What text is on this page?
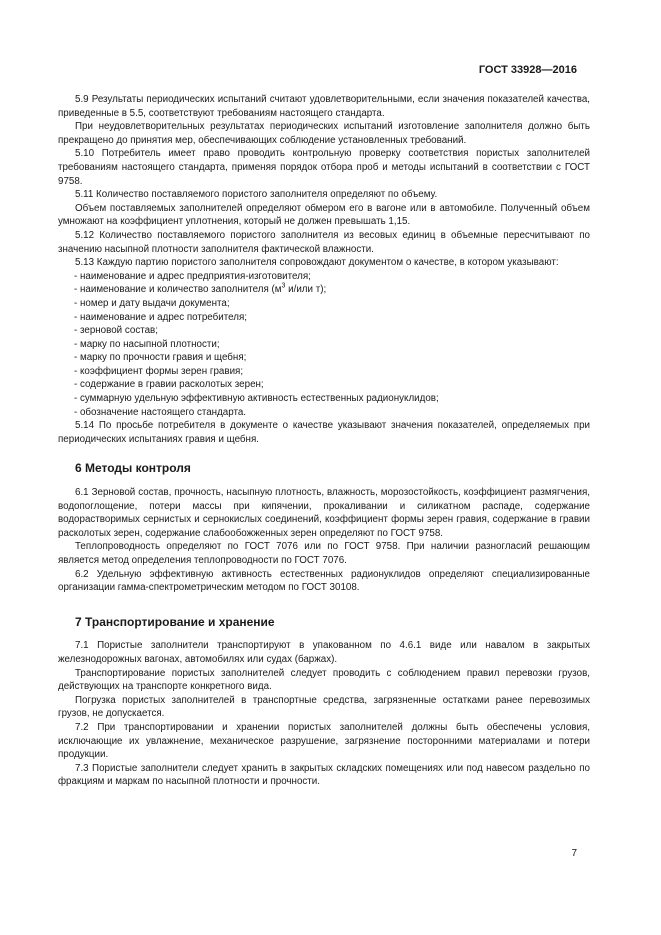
ГОСТ 33928—2016

5.9 Результаты периодических испытаний считают удовлетворительными, если значения показателей качества, приведенные в 5.5, соответствуют требованиям настоящего стандарта.

При неудовлетворительных результатах периодических испытаний изготовление заполнителя должно быть прекращено до принятия мер, обеспечивающих соблюдение установленных требований.

5.10 Потребитель имеет право проводить контрольную проверку соответствия пористых заполнителей требованиям настоящего стандарта, применяя порядок отбора проб и методы испытаний в соответствии с ГОСТ 9758.

5.11 Количество поставляемого пористого заполнителя определяют по объему.

Объем поставляемых заполнителей определяют обмером его в вагоне или в автомобиле. Полученный объем умножают на коэффициент уплотнения, который не должен превышать 1,15.

5.12 Количество поставляемого пористого заполнителя из весовых единиц в объемные пересчитывают по значению насыпной плотности заполнителя фактической влажности.

5.13 Каждую партию пористого заполнителя сопровождают документом о качестве, в котором указывают:

- наименование и адрес предприятия-изготовителя;
- наименование и количество заполнителя ($м^3$ и/или т);
- номер и дату выдачи документа;
- наименование и адрес потребителя;
- зерновой состав;
- марку по насыпной плотности;
- марку по прочности гравия и щебня;
- коэффициент формы зерен гравия;
- содержание в гравии расколотых зерен;
- суммарную удельную эффективную активность естественных радионуклидов;
- обозначение настоящего стандарта.

5.14 По просьбе потребителя в документе о качестве указывают значения показателей, определяемых при периодических испытаниях гравия и щебня.

6 Методы контроля

6.1 Зерновой состав, прочность, насыпную плотность, влажность, морозостойкость, коэффициент размягчения, водопоглощение, потери массы при кипячении, прокаливании и силикатном распаде, содержание водорастворимых сернистых и сернокислых соединений, коэффициент формы зерен гравия, содержание в гравии расколотых зерен, содержание слабообожженных зерен определяют по ГОСТ 9758.

Теплопроводность определяют по ГОСТ 7076 или по ГОСТ 9758. При наличии разногласий решающим является метод определения теплопроводности по ГОСТ 7076.

6.2 Удельную эффективную активность естественных радионуклидов определяют специализированные организации гамма-спектрометрическим методом по ГОСТ 30108.

7 Транспортирование и хранение

7.1 Пористые заполнители транспортируют в упакованном по 4.6.1 виде или навалом в закрытых железнодорожных вагонах, автомобилях или судах (баржах).

Транспортирование пористых заполнителей следует проводить с соблюдением правил перевозки грузов, действующих на транспорте конкретного вида.

Погрузка пористых заполнителей в транспортные средства, загрязненные остатками ранее перевозимых грузов, не допускается.

7.2 При транспортировании и хранении пористых заполнителей должны быть обеспечены условия, исключающие их увлажнение, механическое разрушение, загрязнение посторонними материалами и потери продукции.

7.3 Пористые заполнители следует хранить в закрытых складских помещениях или под навесом раздельно по фракциям и маркам по насыпной плотности и прочности.

7
